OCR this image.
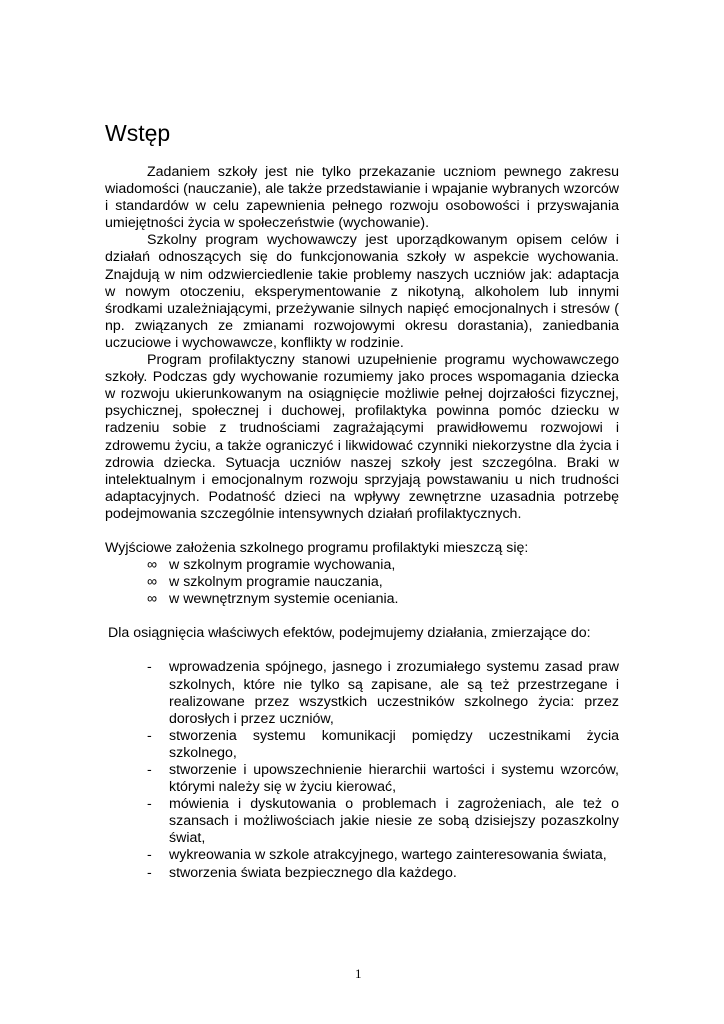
Wstęp

Zadaniem szkoły jest nie tylko przekazanie uczniom pewnego zakresu wiadomości (nauczanie), ale także przedstawianie i wpajanie wybranych wzorców i standardów w celu zapewnienia pełnego rozwoju osobowości i przyswajania umiejętności życia w społeczeństwie (wychowanie).

Szkolny program wychowawczy jest uporządkowanym opisem celów i działań odnoszących się do funkcjonowania szkoły w aspekcie wychowania. Znajdują w nim odzwierciedlenie takie problemy naszych uczniów jak: adaptacja w nowym otoczeniu, eksperymentowanie z nikotyną, alkoholem lub innymi środkami uzależniającymi, przeżywanie silnych napięć emocjonalnych i stresów ( np. związanych ze zmianami rozwojowymi okresu dorastania), zaniedbania uczuciowe i wychowawcze, konflikty w rodzinie.

Program profilaktyczny stanowi uzupełnienie programu wychowawczego szkoły. Podczas gdy wychowanie rozumiemy jako proces wspomagania dziecka w rozwoju ukierunkowanym na osiągnięcie możliwie pełnej dojrzałości fizycznej, psychicznej, społecznej i duchowej, profilaktyka powinna pomóc dziecku w radzeniu sobie z trudnościami zagrażającymi prawidłowemu rozwojowi i zdrowemu życiu, a także ograniczyć i likwidować czynniki niekorzystne dla życia i zdrowia dziecka. Sytuacja uczniów naszej szkoły jest szczególna. Braki w intelektualnym i emocjonalnym rozwoju sprzyjają powstawaniu u nich trudności adaptacyjnych. Podatność dzieci na wpływy zewnętrzne uzasadnia potrzebę podejmowania szczególnie intensywnych działań profilaktycznych.

Wyjściowe założenia szkolnego programu profilaktyki mieszczą się:

∞ w szkolnym programie wychowania,
∞ w szkolnym programie nauczania,
∞ w wewnętrznym systemie oceniania.

Dla osiągnięcia właściwych efektów, podejmujemy działania, zmierzające do:

- wprowadzenia spójnego, jasnego i zrozumiałego systemu zasad praw szkolnych, które nie tylko są zapisane, ale są też przestrzegane i realizowane przez wszystkich uczestników szkolnego życia: przez dorosłych i przez uczniów,
- stworzenia systemu komunikacji pomiędzy uczestnikami życia szkolnego,
- stworzenie i upowszechnienie hierarchii wartości i systemu wzorców, którymi należy się w życiu kierować,
- mówienia i dyskutowania o problemach i zagrożeniach, ale też o szansach i możliwościach jakie niesie ze sobą dzisiejszy pozaszkolny świat,
- wykreowania w szkole atrakcyjnego, wartego zainteresowania świata,
- stworzenia świata bezpiecznego dla każdego.
1
